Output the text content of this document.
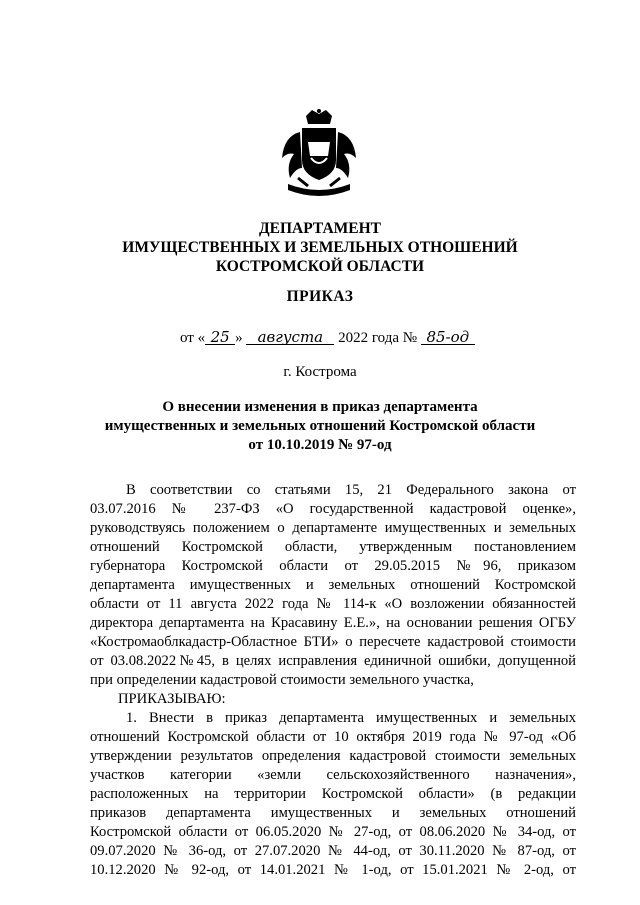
ДЕПАРТАМЕНТ
ИМУЩЕСТВЕННЫХ И ЗЕМЕЛЬНЫХ ОТНОШЕНИЙ
КОСТРОМСКОЙ ОБЛАСТИ
ПРИКАЗ
от « 25 » августа 2022 года № 85-од
г. Кострома
О внесении изменения в приказ департамента
имущественных и земельных отношений Костромской области
от 10.10.2019 № 97-од
В соответствии со статьями 15, 21 Федерального закона от
03.07.2016 № 237-ФЗ «О государственной кадастровой оценке»,
руководствуясь положением о департаменте имущественных и земельных
отношений Костромской области, утвержденным постановлением
губернатора Костромской области от 29.05.2015 №96, приказом
департамента имущественных и земельных отношений Костромской
области от 11 августа 2022 года № 114-к «О возложении обязанностей
директора департамента на Красавину Е.Е.», на основании решения ОГБУ
«Костромаоблкадастр-Областное БТИ» о пересчете кадастровой стоимости
от 03.08.2022№45, в целях исправления единичной ошибки, допущенной
при определении кадастровой стоимости земельного участка,
ПРИКАЗЫВАЮ:
1. Внести в приказ департамента имущественных и земельных
отношений Костромской области от 10 октября 2019 года № 97-од «Об
утверждении результатов определения кадастровой стоимости земельных
участков категории «земли сельскохозяйственного назначения»,
расположенных на территории Костромской области» (в редакции
приказов департамента имущественных и земельных отношений
Костромской области от 06.05.2020 № 27-од, от 08.06.2020 № 34-од, от
09.07.2020 № 36-од, от 27.07.2020 № 44-од, от 30.11.2020 № 87-од, от
10.12.2020 № 92-од, от 14.01.2021 № 1-од, от 15.01.2021 № 2-од, от
